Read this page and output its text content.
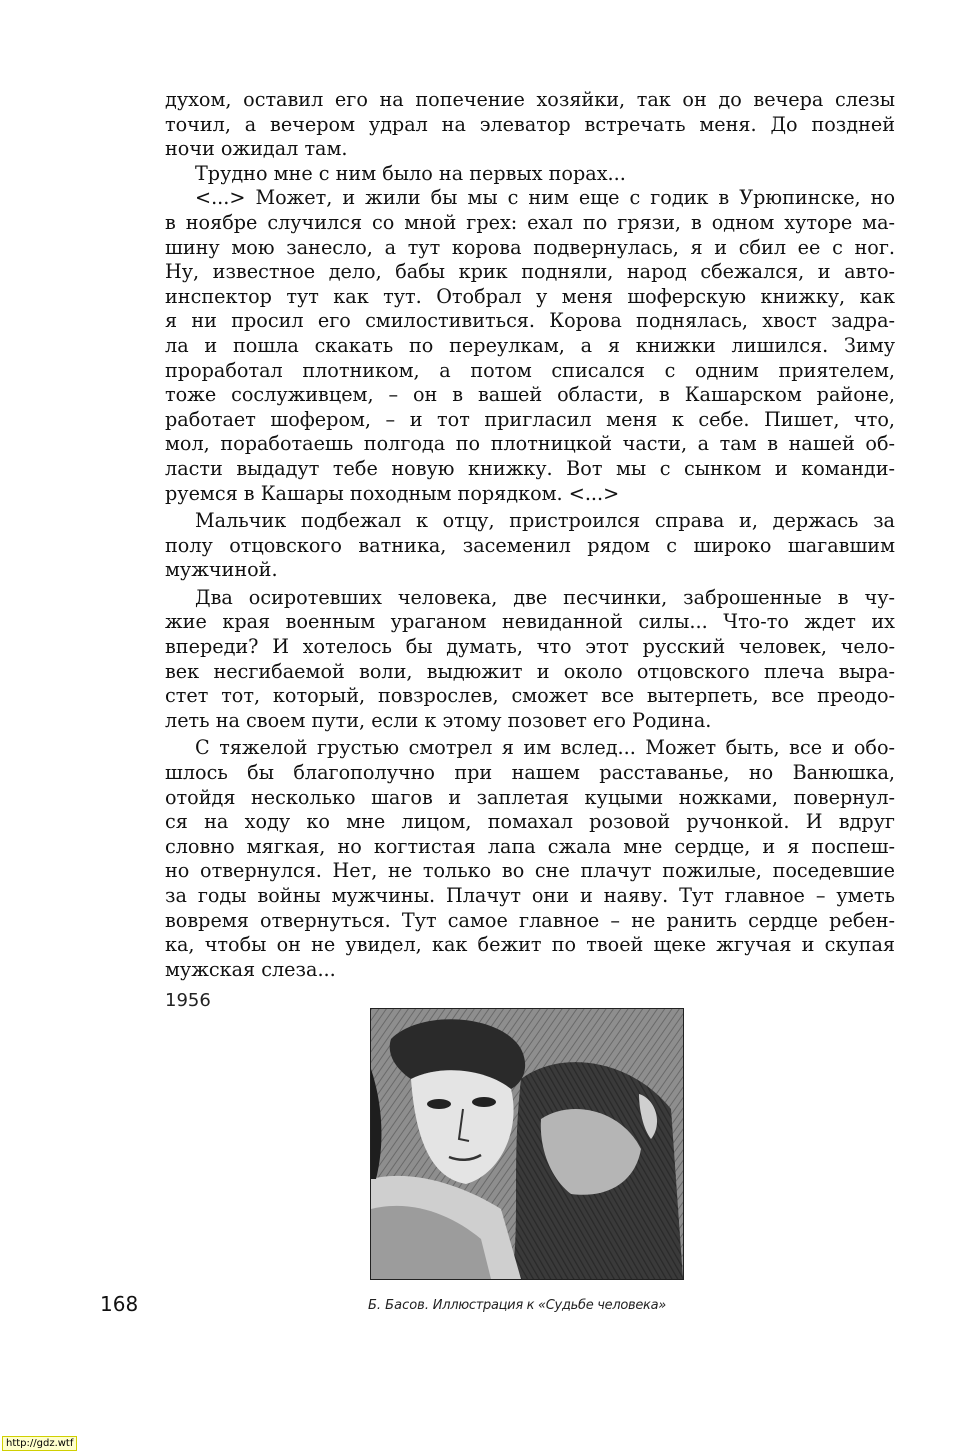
духом, оставил его на попечение хозяйки, так он до вечера слезы
точил, а вечером удрал на элеватор встречать меня. До поздней
ночи ожидал там.
Трудно мне с ним было на первых порах...
<...> Может, и жили бы мы с ним еще с годик в Урюпинске, но
в ноябре случился со мной грех: ехал по грязи, в одном хуторе ма-
шину мою занесло, а тут корова подвернулась, я и сбил ее с ног.
Ну, известное дело, бабы крик подняли, народ сбежался, и авто-
инспектор тут как тут. Отобрал у меня шоферскую книжку, как
я ни просил его смилостивиться. Корова поднялась, хвост задра-
ла и пошла скакать по переулкам, а я книжки лишился. Зиму
проработал плотником, а потом списался с одним приятелем,
тоже сослуживцем, – он в вашей области, в Кашарском районе,
работает шофером, – и тот пригласил меня к себе. Пишет, что,
мол, поработаешь полгода по плотницкой части, а там в нашей об-
ласти выдадут тебе новую книжку. Вот мы с сынком и команди-
руемся в Кашары походным порядком. <...>
Мальчик подбежал к отцу, пристроился справа и, держась за
полу отцовского ватника, засеменил рядом с широко шагавшим
мужчиной.
Два осиротевших человека, две песчинки, заброшенные в чу-
жие края военным ураганом невиданной силы... Что-то ждет их
впереди? И хотелось бы думать, что этот русский человек, чело-
век несгибаемой воли, выдюжит и около отцовского плеча выра-
стет тот, который, повзрослев, сможет все вытерпеть, все преодо-
леть на своем пути, если к этому позовет его Родина.
С тяжелой грустью смотрел я им вслед... Может быть, все и обо-
шлось бы благополучно при нашем расставанье, но Ванюшка,
отойдя несколько шагов и заплетая куцыми ножками, повернул-
ся на ходу ко мне лицом, помахал розовой ручонкой. И вдруг
словно мягкая, но когтистая лапа сжала мне сердце, и я поспеш-
но отвернулся. Нет, не только во сне плачут пожилые, поседевшие
за годы войны мужчины. Плачут они и наяву. Тут главное – уметь
вовремя отвернуться. Тут самое главное – не ранить сердце ребен-
ка, чтобы он не увидел, как бежит по твоей щеке жгучая и скупая
мужская слеза...
1956
168	Б. Басов. Иллюстрация к «Судьбе человека»
http://gdz.wtf
